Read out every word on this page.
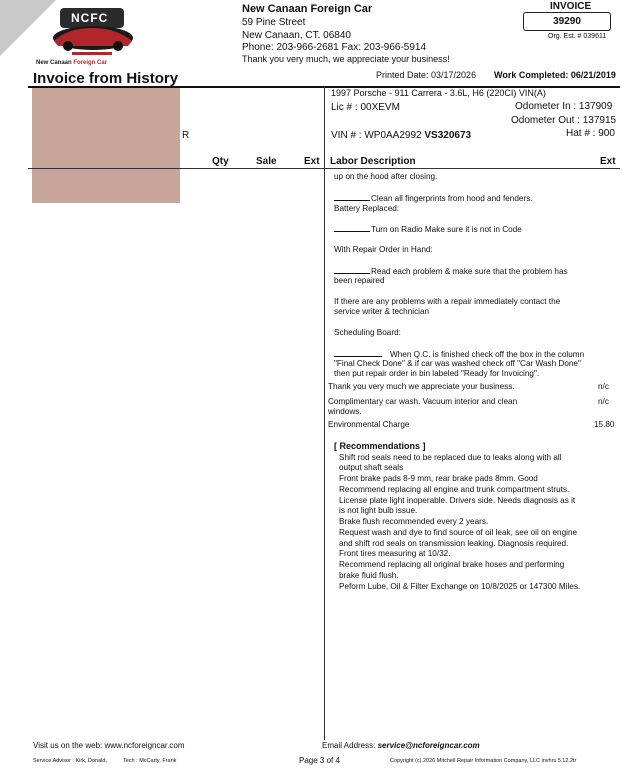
NCFC
New Canaan Foreign Car
New Canaan Foreign Car
59 Pine Street
New Canaan, CT. 06840
Phone: 203-966-2681 Fax: 203-966-5914
Thank you very much, we appreciate your business!
INVOICE
39290
Org. Est. # 039611
Invoice from History	Printed Date: 03/17/2026 Work Completed: 06/21/2019
R
1997 Porsche - 911 Carrera - 3.6L, H6 (220CI) VIN(A)
Lic # : 00XEVM	Odometer In : 137909
Odometer Out : 137915
VIN # : WP0AA2992 VS320673	Hat # : 900
Qty	Sale	Ext Labor Description	Ext
up on the hood after closing.
Clean all fingerprints from hood and fenders.
Battery Replaced:
Turn on Radio Make sure it is not in Code
With Repair Order in Hand:
Read each problem & make sure that the problem has
been repaired
If there are any problems with a repair immediately contact the
service writer & technician
Scheduling Board:
When Q.C. is finished check off the box in the column
"Final Check Done" & if car was washed check off "Car Wash Done"
then put repair order in bin labeled "Ready for Invoicing".
Thank you very much we appreciate your business.	n/c
Complimentary car wash. Vacuum interior and clean
windows.
n/c
Environmental Charge	15.80
[ Recommendations ]
Shift rod seals need to be replaced due to leaks along with all
output shaft seals
Front brake pads 8-9 mm, rear brake pads 8mm. Good
Recommend replacing all engine and trunk compartment struts.
License plate light inoperable. Drivers side. Needs diagnosis as it
is not light bulb issue.
Brake flush recommended every 2 years.
Request wash and dye to find source of oil leak, see oil on engine
and shift rod seals on transmission leaking. Diagnosis required.
Front tires measuring at 10/32.
Recommend replacing all original brake hoses and performing
brake fluid flush.
Peform Lube, Oil & Filter Exchange on 10/8/2025 or 147300 Miles.
Visit us on the web: www.ncforeigncar.com	Email Address: service@ncforeigncar.com
Service Advisor : Kirk, Donald,	Tech : McCarty, Frank	Page 3 of 4	Copyright (c) 2026 Mitchell Repair Information Company, LLC invhrs 5.12.2tr
